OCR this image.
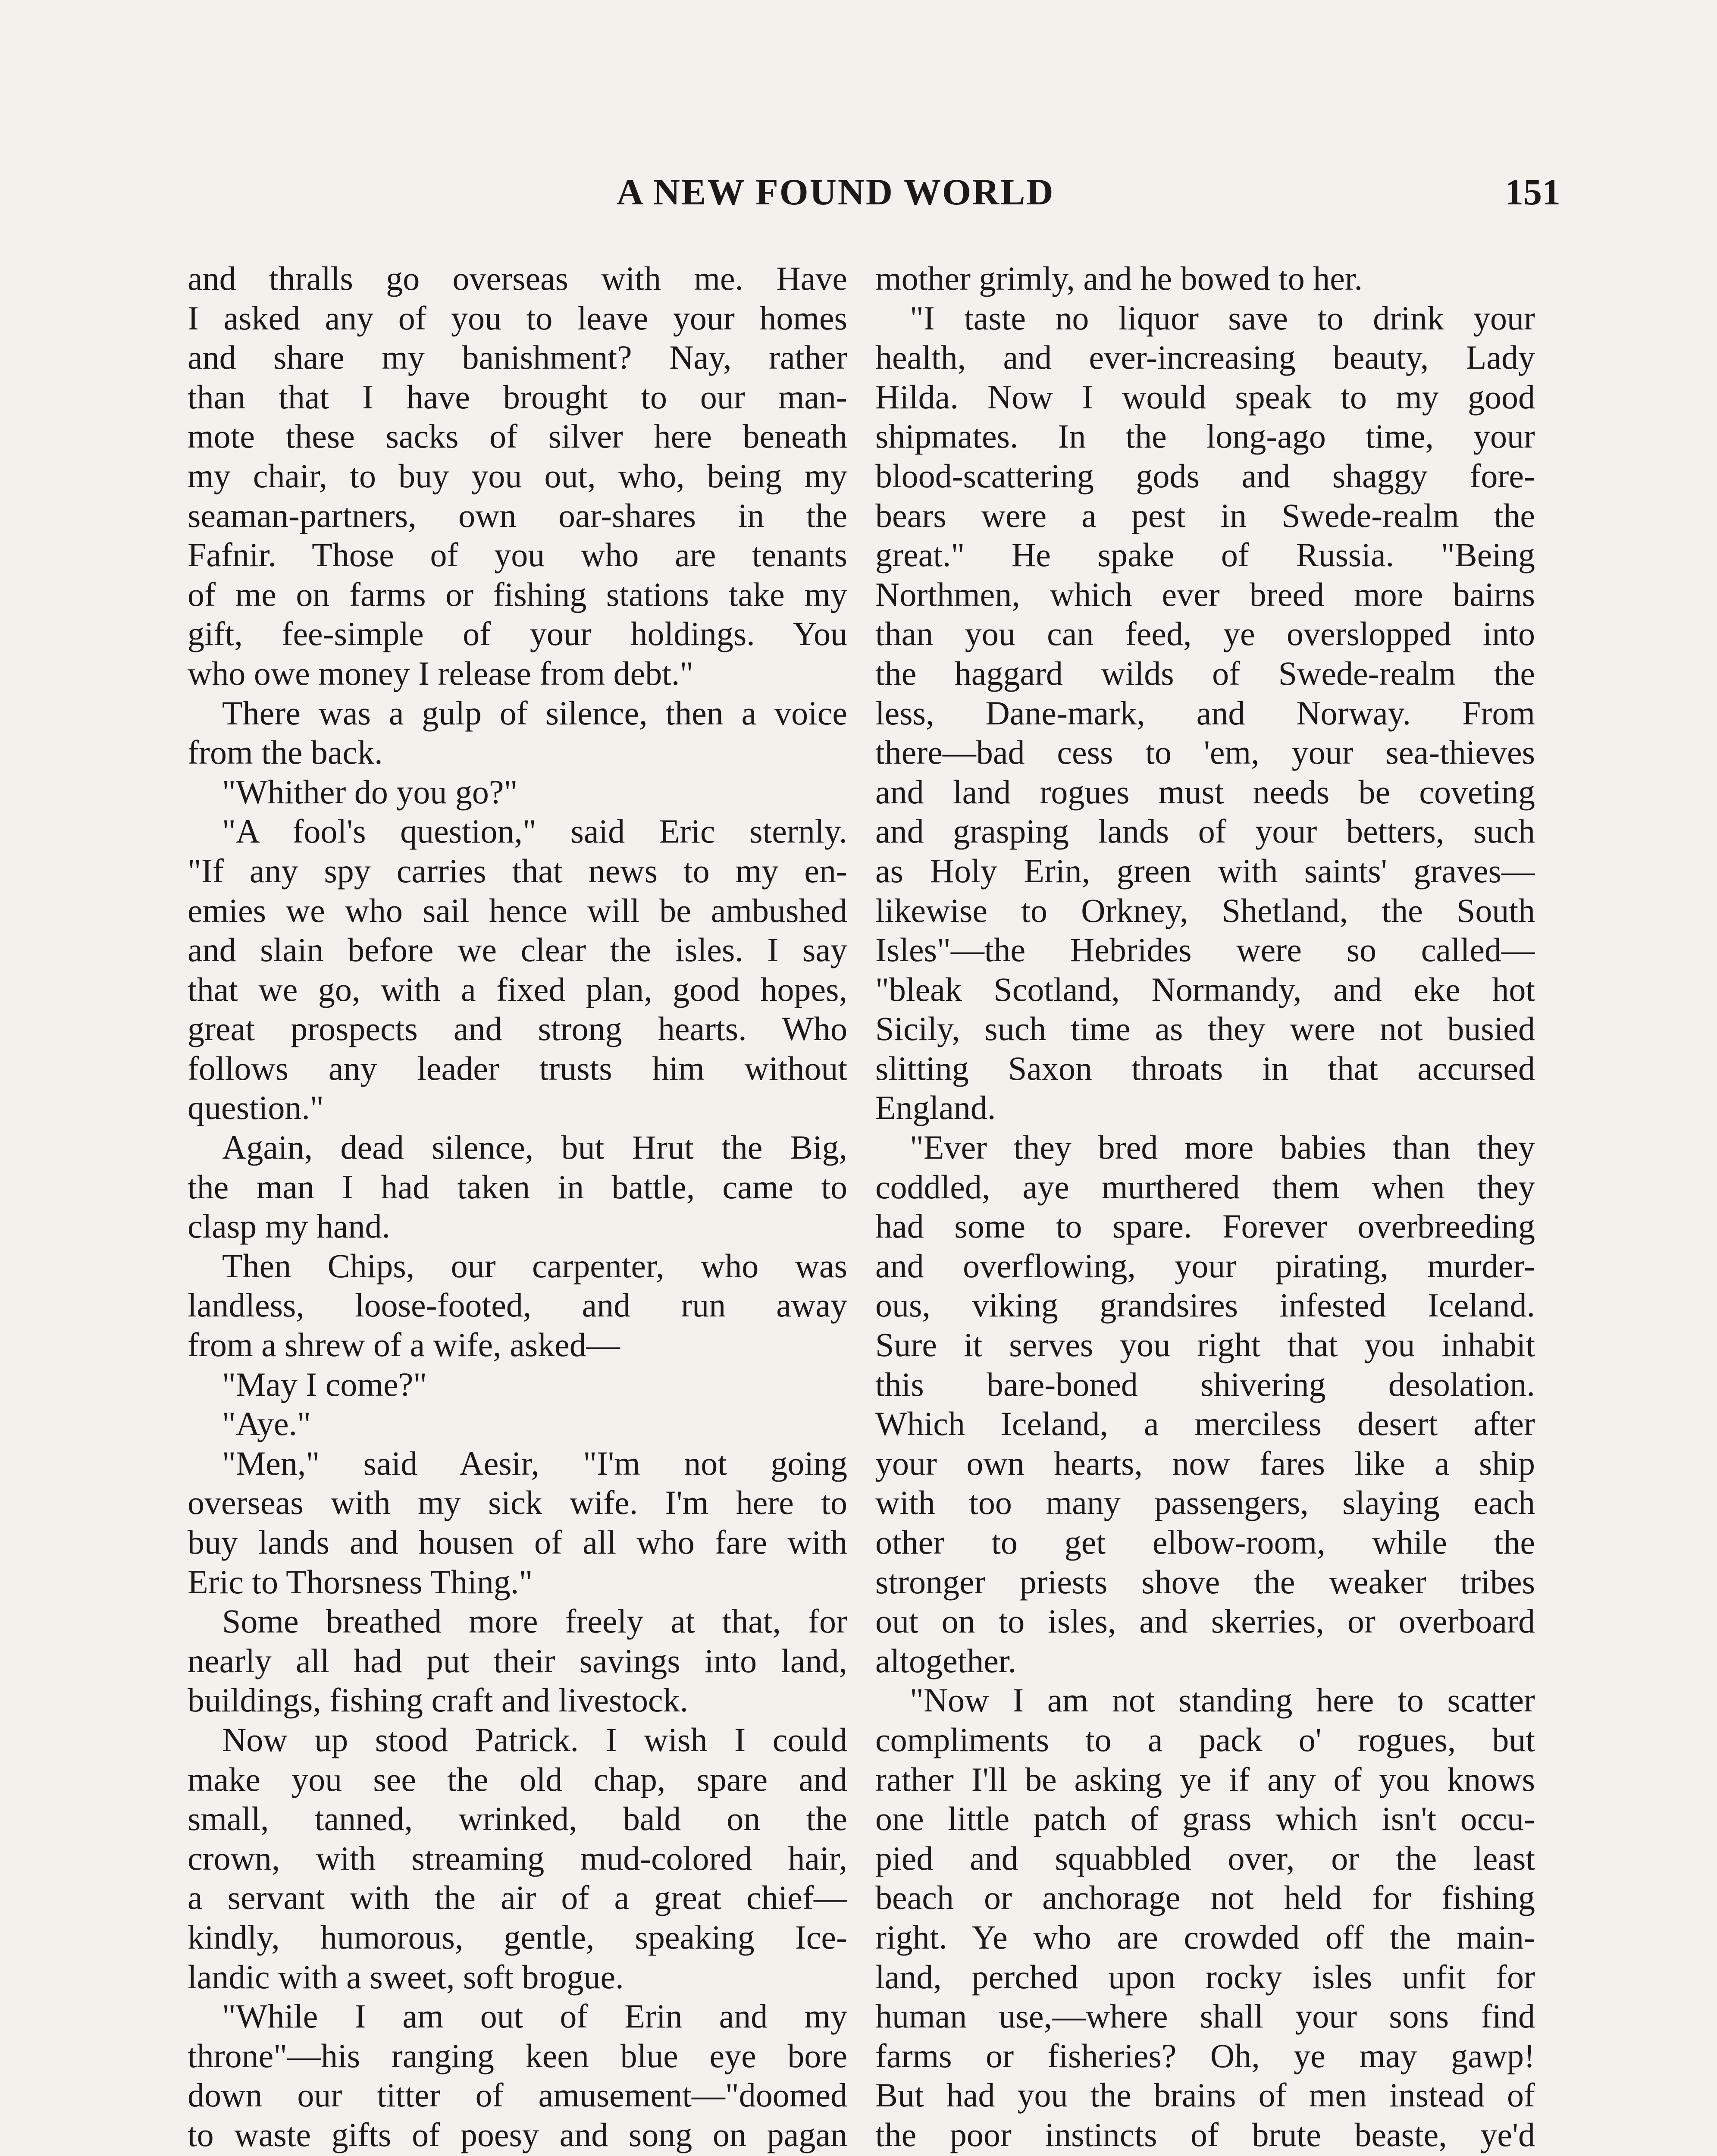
A NEW FOUND WORLD	151
and thralls go overseas with me. Have
I asked any of you to leave your homes
and share my banishment? Nay, rather
than that I have brought to our man-
mote these sacks of silver here beneath
my chair, to buy you out, who, being my
seaman-partners, own oar-shares in the
Fafnir. Those of you who are tenants
of me on farms or fishing stations take my
gift, fee-simple of your holdings. You
who owe money I release from debt."
There was a gulp of silence, then a voice
from the back.
"Whither do you go?"
"A fool's question," said Eric sternly.
"If any spy carries that news to my en-
emies we who sail hence will be ambushed
and slain before we clear the isles. I say
that we go, with a fixed plan, good hopes,
great prospects and strong hearts. Who
follows any leader trusts him without
question."
Again, dead silence, but Hrut the Big,
the man I had taken in battle, came to
clasp my hand.
Then Chips, our carpenter, who was
landless, loose-footed, and run away
from a shrew of a wife, asked—
"May I come?"
"Aye."
"Men," said Aesir, "I'm not going
overseas with my sick wife. I'm here to
buy lands and housen of all who fare with
Eric to Thorsness Thing."
Some breathed more freely at that, for
nearly all had put their savings into land,
buildings, fishing craft and livestock.
Now up stood Patrick. I wish I could
make you see the old chap, spare and
small, tanned, wrinked, bald on the
crown, with streaming mud-colored hair,
a servant with the air of a great chief—
kindly, humorous, gentle, speaking Ice-
landic with a sweet, soft brogue.
"While I am out of Erin and my
throne"—his ranging keen blue eye bore
down our titter of amusement—"doomed
to waste gifts of poesy and song on pagan
mother grimly, and he bowed to her.
"I taste no liquor save to drink your
health, and ever-increasing beauty, Lady
Hilda. Now I would speak to my good
shipmates. In the long-ago time, your
blood-scattering gods and shaggy fore-
bears were a pest in Swede-realm the
great." He spake of Russia. "Being
Northmen, which ever breed more bairns
than you can feed, ye overslopped into
the haggard wilds of Swede-realm the
less, Dane-mark, and Norway. From
there—bad cess to 'em, your sea-thieves
and land rogues must needs be coveting
and grasping lands of your betters, such
as Holy Erin, green with saints' graves—
likewise to Orkney, Shetland, the South
Isles"—the Hebrides were so called—
"bleak Scotland, Normandy, and eke hot
Sicily, such time as they were not busied
slitting Saxon throats in that accursed
England.
"Ever they bred more babies than they
coddled, aye murthered them when they
had some to spare. Forever overbreeding
and overflowing, your pirating, murder-
ous, viking grandsires infested Iceland.
Sure it serves you right that you inhabit
this bare-boned shivering desolation.
Which Iceland, a merciless desert after
your own hearts, now fares like a ship
with too many passengers, slaying each
other to get elbow-room, while the
stronger priests shove the weaker tribes
out on to isles, and skerries, or overboard
altogether.
"Now I am not standing here to scatter
compliments to a pack o' rogues, but
rather I'll be asking ye if any of you knows
one little patch of grass which isn't occu-
pied and squabbled over, or the least
beach or anchorage not held for fishing
right. Ye who are crowded off the main-
land, perched upon rocky isles unfit for
human use,—where shall your sons find
farms or fisheries? Oh, ye may gawp!
But had you the brains of men instead of
the poor instincts of brute beaste, ye'd
